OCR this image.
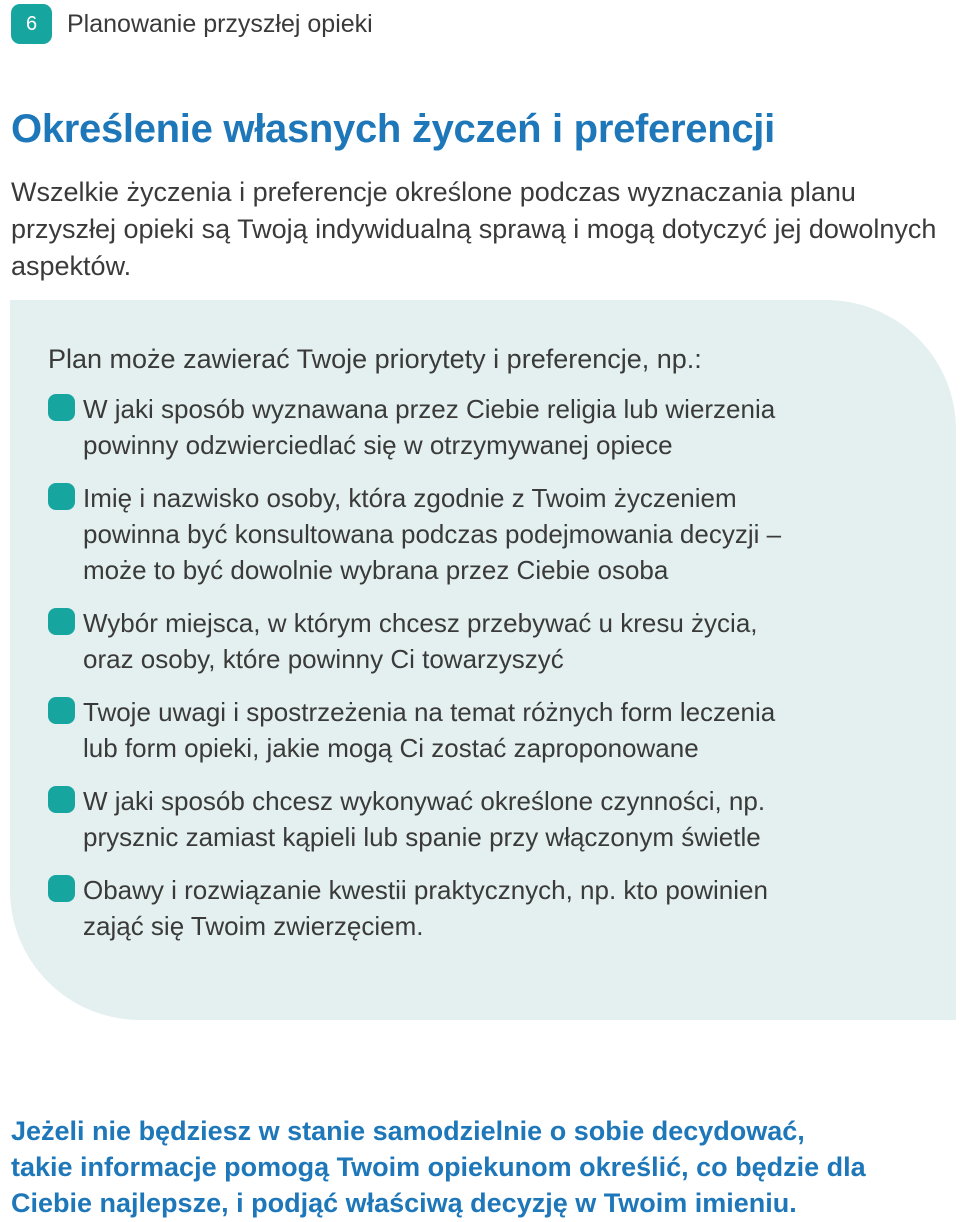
6	Planowanie przyszłej opieki
Określenie własnych życzeń i preferencji

Wszelkie życzenia i preferencje określone podczas wyznaczania planu przyszłej opieki są Twoją indywidualną sprawą i mogą dotyczyć jej dowolnych aspektów.

Plan może zawierać Twoje priorytety i preferencje, np.:

W jaki sposób wyznawana przez Ciebie religia lub wierzenia
powinny odzwierciedlać się w otrzymywanej opiece
Imię i nazwisko osoby, która zgodnie z Twoim życzeniem
powinna być konsultowana podczas podejmowania decyzji –
może to być dowolnie wybrana przez Ciebie osoba
Wybór miejsca, w którym chcesz przebywać u kresu życia,
oraz osoby, które powinny Ci towarzyszyć
Twoje uwagi i spostrzeżenia na temat różnych form leczenia
lub form opieki, jakie mogą Ci zostać zaproponowane
W jaki sposób chcesz wykonywać określone czynności, np.
prysznic zamiast kąpieli lub spanie przy włączonym świetle
Obawy i rozwiązanie kwestii praktycznych, np. kto powinien
zająć się Twoim zwierzęciem.

Jeżeli nie będziesz w stanie samodzielnie o sobie decydować,
takie informacje pomogą Twoim opiekunom określić, co będzie dla
Ciebie najlepsze, i podjąć właściwą decyzję w Twoim imieniu.
